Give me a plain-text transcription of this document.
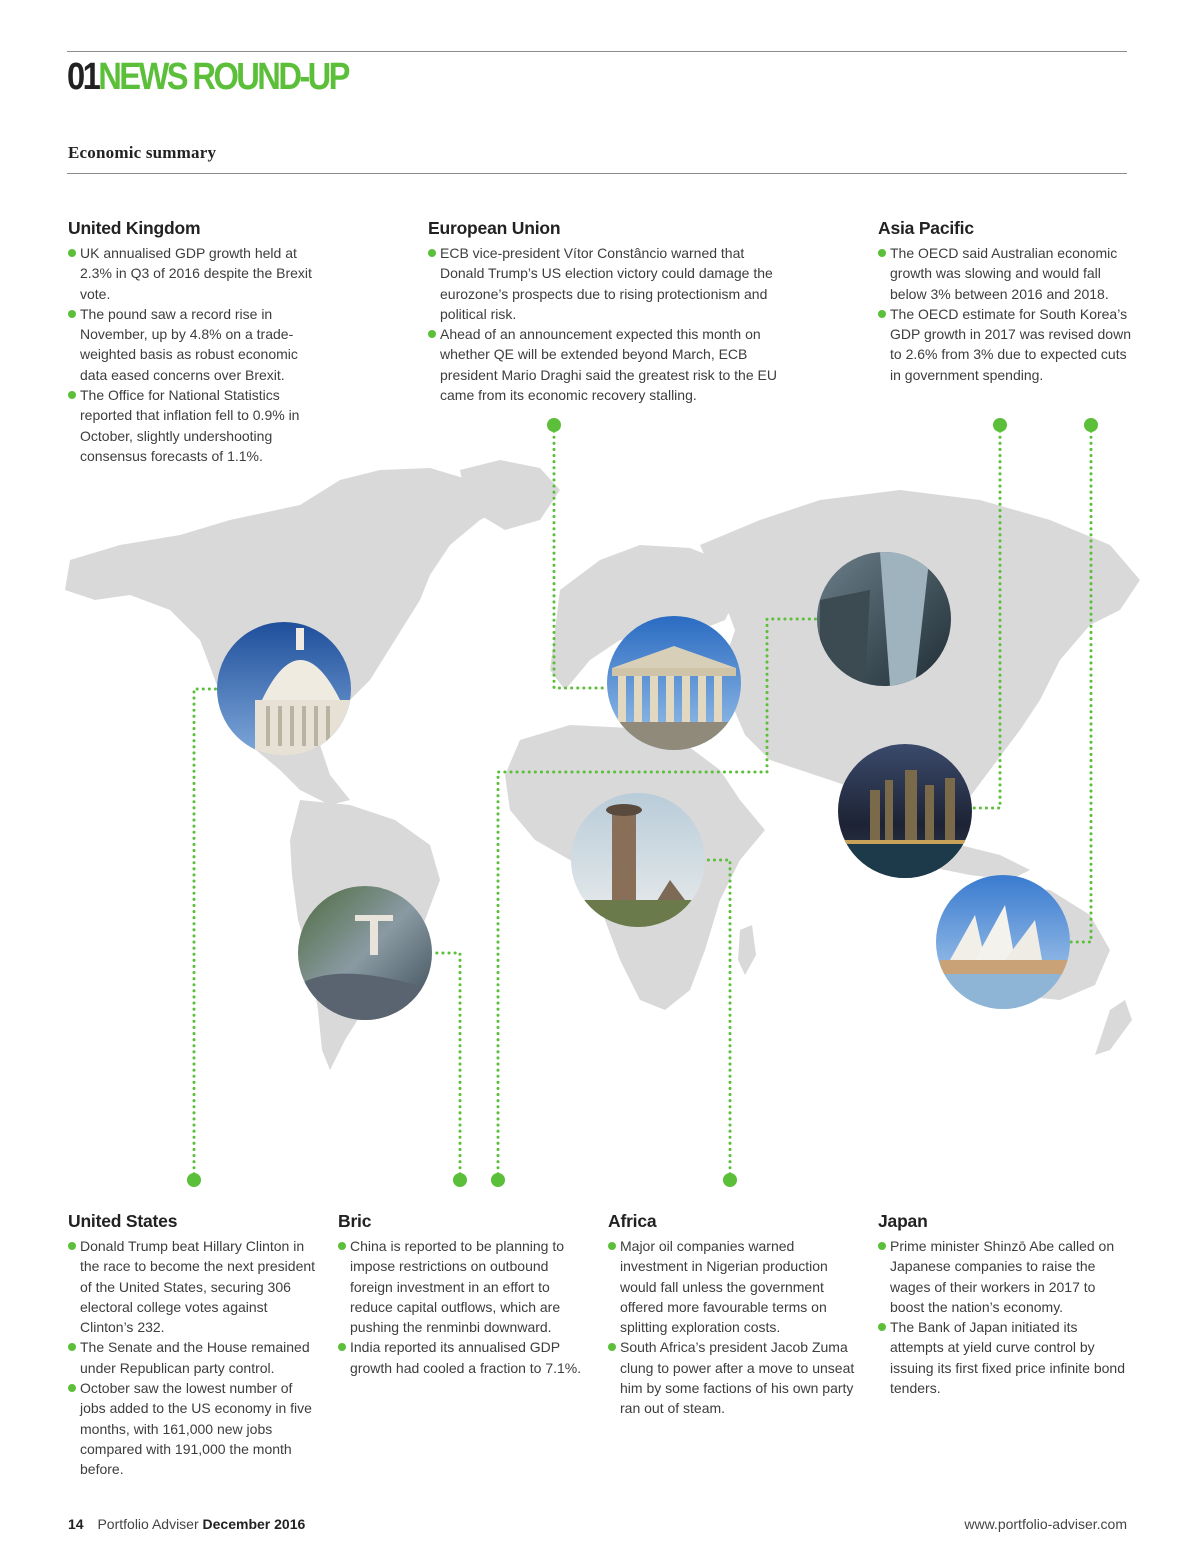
01NEWS ROUND-UP
Economic summary
United Kingdom
UK annualised GDP growth held at 2.3% in Q3 of 2016 despite the Brexit vote.
The pound saw a record rise in November, up by 4.8% on a trade-weighted basis as robust economic data eased concerns over Brexit.
The Office for National Statistics reported that inflation fell to 0.9% in October, slightly undershooting consensus forecasts of 1.1%.
European Union
ECB vice-president Vítor Constâncio warned that Donald Trump’s US election victory could damage the eurozone’s prospects due to rising protectionism and political risk.
Ahead of an announcement expected this month on whether QE will be extended beyond March, ECB president Mario Draghi said the greatest risk to the EU came from its economic recovery stalling.
Asia Pacific
The OECD said Australian economic growth was slowing and would fall below 3% between 2016 and 2018.
The OECD estimate for South Korea’s GDP growth in 2017 was revised down to 2.6% from 3% due to expected cuts in government spending.
United States
Donald Trump beat Hillary Clinton in the race to become the next president of the United States, securing 306 electoral college votes against Clinton’s 232.
The Senate and the House remained under Republican party control.
October saw the lowest number of jobs added to the US economy in five months, with 161,000 new jobs compared with 191,000 the month before.
Bric
China is reported to be planning to impose restrictions on outbound foreign investment in an effort to reduce capital outflows, which are pushing the renminbi downward.
India reported its annualised GDP growth had cooled a fraction to 7.1%.
Africa
Major oil companies warned investment in Nigerian production would fall unless the government offered more favourable terms on splitting exploration costs.
South Africa’s president Jacob Zuma clung to power after a move to unseat him by some factions of his own party ran out of steam.
Japan
Prime minister Shinzō Abe called on Japanese companies to raise the wages of their workers in 2017 to boost the nation’s economy.
The Bank of Japan initiated its attempts at yield curve control by issuing its first fixed price infinite bond tenders.
14 Portfolio Adviser December 2016	www.portfolio-adviser.com
